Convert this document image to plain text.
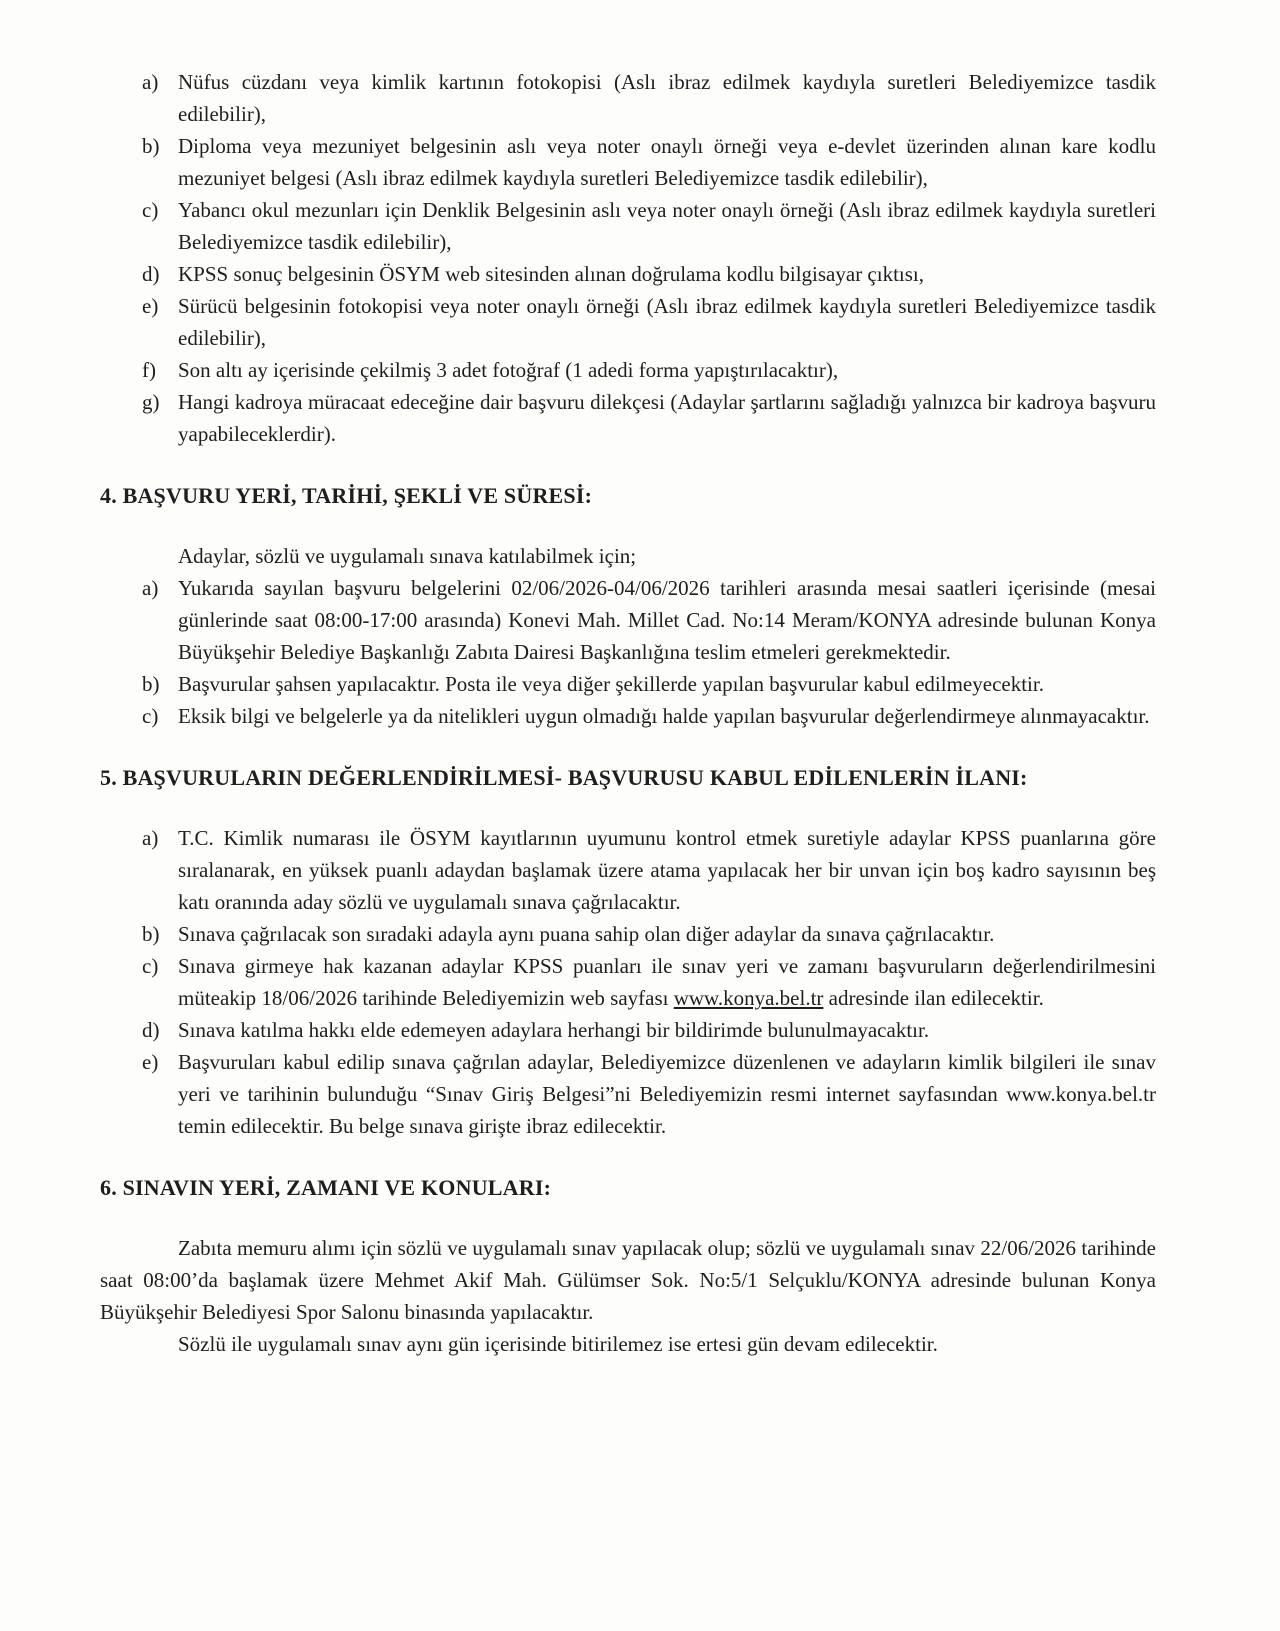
a) Nüfus cüzdanı veya kimlik kartının fotokopisi (Aslı ibraz edilmek kaydıyla suretleri Belediyemizce tasdik edilebilir),
b) Diploma veya mezuniyet belgesinin aslı veya noter onaylı örneği veya e-devlet üzerinden alınan kare kodlu mezuniyet belgesi (Aslı ibraz edilmek kaydıyla suretleri Belediyemizce tasdik edilebilir),
c) Yabancı okul mezunları için Denklik Belgesinin aslı veya noter onaylı örneği (Aslı ibraz edilmek kaydıyla suretleri Belediyemizce tasdik edilebilir),
d) KPSS sonuç belgesinin ÖSYM web sitesinden alınan doğrulama kodlu bilgisayar çıktısı,
e) Sürücü belgesinin fotokopisi veya noter onaylı örneği (Aslı ibraz edilmek kaydıyla suretleri Belediyemizce tasdik edilebilir),
f)	Son altı ay içerisinde çekilmiş 3 adet fotoğraf (1 adedi forma yapıştırılacaktır),
g) Hangi kadroya müracaat edeceğine dair başvuru dilekçesi (Adaylar şartlarını sağladığı yalnızca bir kadroya başvuru yapabileceklerdir).
4. BAŞVURU YERİ, TARİHİ, ŞEKLİ VE SÜRESİ:

Adaylar, sözlü ve uygulamalı sınava katılabilmek için;

a) Yukarıda sayılan başvuru belgelerini 02/06/2026-04/06/2026 tarihleri arasında mesai saatleri içerisinde (mesai günlerinde saat 08:00-17:00 arasında) Konevi Mah. Millet Cad. No:14 Meram/KONYA adresinde bulunan Konya Büyükşehir Belediye Başkanlığı Zabıta Dairesi Başkanlığına teslim etmeleri gerekmektedir.
b) Başvurular şahsen yapılacaktır. Posta ile veya diğer şekillerde yapılan başvurular kabul edilmeyecektir.
c) Eksik bilgi ve belgelerle ya da nitelikleri uygun olmadığı halde yapılan başvurular değerlendirmeye alınmayacaktır.
5. BAŞVURULARIN DEĞERLENDİRİLMESİ- BAŞVURUSU KABUL EDİLENLERİN İLANI:
a) T.C. Kimlik numarası ile ÖSYM kayıtlarının uyumunu kontrol etmek suretiyle adaylar KPSS puanlarına göre sıralanarak, en yüksek puanlı adaydan başlamak üzere atama yapılacak her bir unvan için boş kadro sayısının beş katı oranında aday sözlü ve uygulamalı sınava çağrılacaktır.
b) Sınava çağrılacak son sıradaki adayla aynı puana sahip olan diğer adaylar da sınava çağrılacaktır.
c) Sınava girmeye hak kazanan adaylar KPSS puanları ile sınav yeri ve zamanı başvuruların değerlendirilmesini müteakip 18/06/2026 tarihinde Belediyemizin web sayfası www.konya.bel.tr adresinde ilan edilecektir.
d) Sınava katılma hakkı elde edemeyen adaylara herhangi bir bildirimde bulunulmayacaktır.
e) Başvuruları kabul edilip sınava çağrılan adaylar, Belediyemizce düzenlenen ve adayların kimlik bilgileri ile sınav yeri ve tarihinin bulunduğu “Sınav Giriş Belgesi”ni Belediyemizin resmi internet sayfasından www.konya.bel.tr temin edilecektir. Bu belge sınava girişte ibraz edilecektir.
6. SINAVIN YERİ, ZAMANI VE KONULARI:

Zabıta memuru alımı için sözlü ve uygulamalı sınav yapılacak olup; sözlü ve uygulamalı sınav 22/06/2026 tarihinde saat 08:00’da başlamak üzere Mehmet Akif Mah. Gülümser Sok. No:5/1 Selçuklu/KONYA adresinde bulunan Konya Büyükşehir Belediyesi Spor Salonu binasında yapılacaktır.

Sözlü ile uygulamalı sınav aynı gün içerisinde bitirilemez ise ertesi gün devam edilecektir.
